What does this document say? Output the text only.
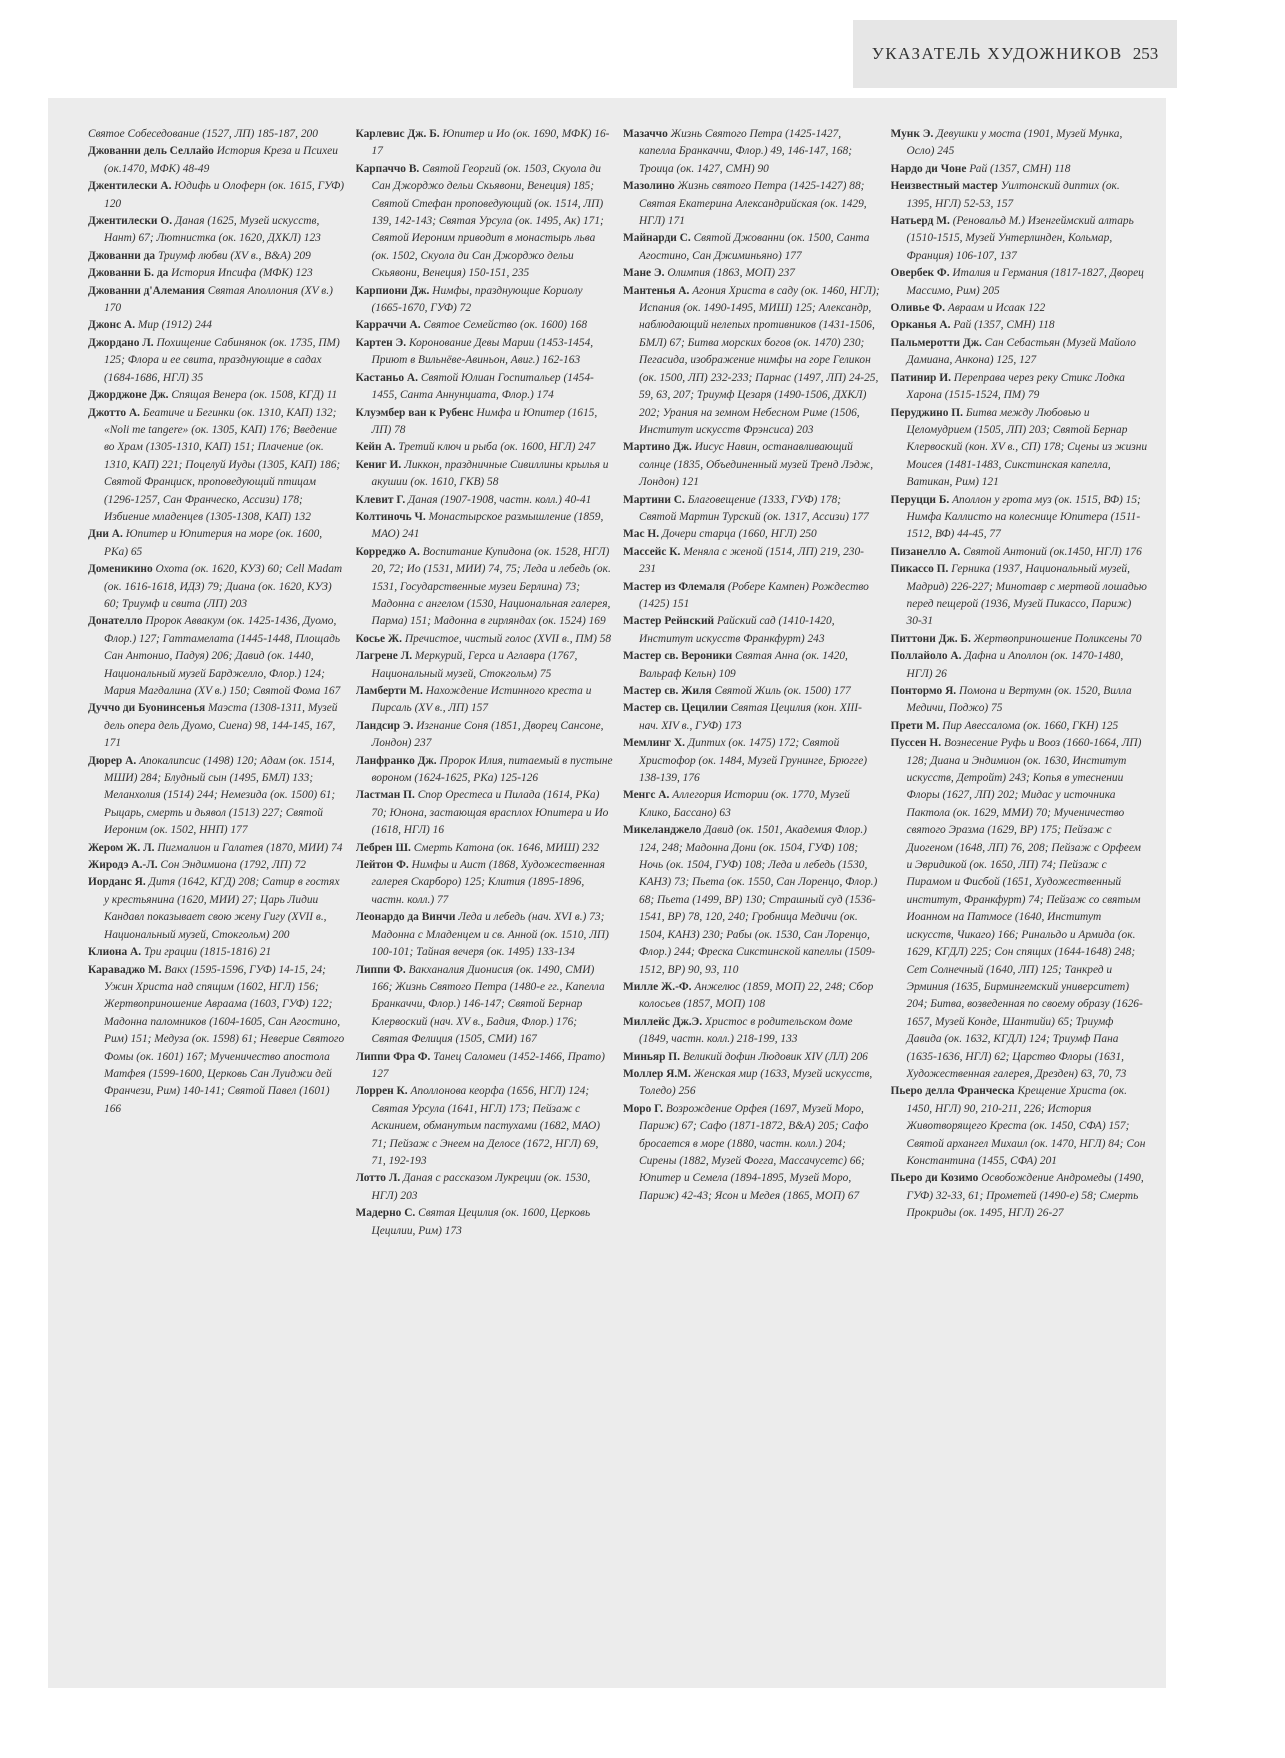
УКАЗАТЕЛЬ ХУДОЖНИКОВ 253

Святое Собеседование (1527, ЛП) 185-187, 200

Джованни дель Селлайо История Креза и Психеи (ок.1470, МФК) 48-49

Джентилески А. Юдифь и Олоферн (ок. 1615, ГУФ) 120

Джентилески О. Даная (1625, Музей искусств, Нант) 67; Лютнистка (ок. 1620, ДХКЛ) 123

Джованни да Триумф любви (XV в., B&A) 209

Джованни Б. да История Ипсифа (МФК) 123

Джованни д'Алемания Святая Аполлония (XV в.) 170

Джонс А. Мир (1912) 244

Джордано Л. Похищение Сабинянок (ок. 1735, ПМ) 125; Флора и ее свита, празднующие в садах (1684-1686, НГЛ) 35

Джорджоне Дж. Спящая Венера (ок. 1508, КГД) 11

Джотто А. Беатиче и Бегинки (ок. 1310, КАП) 132; «Noli me tangere» (ок. 1305, КАП) 176; Введение во Храм (1305-1310, КАП) 151; Плачение (ок. 1310, КАП) 221; Поцелуй Иуды (1305, КАП) 186; Святой Франциск, проповедующий птицам (1296-1257, Сан Франческо, Ассизи) 178; Избиение младенцев (1305-1308, КАП) 132

Дни А. Юпитер и Юпитерия на море (ок. 1600, РКа) 65

Доменикино Охота (ок. 1620, КУЗ) 60; Cell Madam (ок. 1616-1618, ИДЗ) 79; Диана (ок. 1620, КУЗ) 60; Триумф и свита (ЛП) 203

Донателло Пророк Аввакум (ок. 1425-1436, Дуомо, Флор.) 127; Гаттамелата (1445-1448, Площадь Сан Антонио, Падуя) 206; Давид (ок. 1440, Национальный музей Барджелло, Флор.) 124; Мария Магдалина (XV в.) 150; Святой Фома 167

Дуччо ди Буонинсенья Маэста (1308-1311, Музей дель опера дель Дуомо, Сиена) 98, 144-145, 167, 171

Дюрер А. Апокалипсис (1498) 120; Адам (ок. 1514, МШИ) 284; Блудный сын (1495, БМЛ) 133; Меланхолия (1514) 244; Немезида (ок. 1500) 61; Рыцарь, смерть и дьявол (1513) 227; Святой Иероним (ок. 1502, ННП) 177

Жером Ж. Л. Пигмалион и Галатея (1870, МИИ) 74

Жиродэ А.-Л. Сон Эндимиона (1792, ЛП) 72

Иорданс Я. Дитя (1642, КГД) 208; Сатир в гостях у крестьянина (1620, МИИ) 27; Царь Лидии Кандавл показывает свою жену Гигу (XVII в., Национальный музей, Стокгольм) 200

Клиона А. Три грации (1815-1816) 21

Караваджо М. Вакх (1595-1596, ГУФ) 14-15, 24; Ужин Христа над спящим (1602, НГЛ) 156; Жертвоприношение Авраама (1603, ГУФ) 122; Мадонна паломников (1604-1605, Сан Агостино, Рим) 151; Медуза (ок. 1598) 61; Неверие Святого Фомы (ок. 1601) 167; Мученичество апостола Матфея (1599-1600, Церковь Сан Луиджи дей Франчези, Рим) 140-141; Святой Павел (1601) 166

Карлевис Дж. Б. Юпитер и Ио (ок. 1690, МФК) 16-17

Карпаччо В. Святой Георгий (ок. 1503, Скуола ди Сан Джорджо дельи Скьявони, Венеция) 185; Святой Стефан проповедующий (ок. 1514, ЛП) 139, 142-143; Святая Урсула (ок. 1495, Ак) 171; Святой Иероним приводит в монастырь льва (ок. 1502, Скуола ди Сан Джорджо дельи Скьявони, Венеция) 150-151, 235

Карпиони Дж. Нимфы, празднующие Кориолу (1665-1670, ГУФ) 72

Карраччи А. Святое Семейство (ок. 1600) 168

Картен Э. Коронование Девы Марии (1453-1454, Приют в Вильнёве-Авиньон, Авиг.) 162-163

Кастаньо А. Святой Юлиан Госпитальер (1454-1455, Санта Аннунциата, Флор.) 174

Клуэмбер ван к Рубенс Нимфа и Юпитер (1615, ЛП) 78

Кейн А. Третий ключ и рыба (ок. 1600, НГЛ) 247

Кениг И. Ликкон, праздничные Сивиллины крылья и акушии (ок. 1610, ГКВ) 58

Клевит Г. Даная (1907-1908, частн. колл.) 40-41

Колтиночь Ч. Монастырское размышление (1859, МАО) 241

Корреджо А. Воспитание Купидона (ок. 1528, НГЛ) 20, 72; Ио (1531, МИИ) 74, 75; Леда и лебедь (ок. 1531, Государственные музеи Берлина) 73; Мадонна с ангелом (1530, Национальная галерея, Парма) 151; Мадонна в гирляндах (ок. 1524) 169

Косье Ж. Пречистое, чистый голос (XVII в., ПМ) 58

Лагрене Л. Меркурий, Герса и Аглавра (1767, Национальный музей, Стокгольм) 75

Ламберти М. Нахождение Истинного креста и Пирсаль (XV в., ЛП) 157

Ландсир Э. Изгнание Соня (1851, Дворец Сансоне, Лондон) 237

Ланфранко Дж. Пророк Илия, питаемый в пустыне вороном (1624-1625, РКа) 125-126

Ластман П. Спор Орестеса и Пилада (1614, РКа) 70; Юнона, застающая врасплох Юпитера и Ио (1618, НГЛ) 16

Лебрен Ш. Смерть Катона (ок. 1646, МИШ) 232

Лейтон Ф. Нимфы и Аист (1868, Художественная галерея Скарборо) 125; Клития (1895-1896, частн. колл.) 77

Леонардо да Винчи Леда и лебедь (нач. XVI в.) 73; Мадонна с Младенцем и св. Анной (ок. 1510, ЛП) 100-101; Тайная вечеря (ок. 1495) 133-134

Липпи Ф. Вакханалия Дионисия (ок. 1490, СМИ) 166; Жизнь Святого Петра (1480-е гг., Капелла Бранкаччи, Флор.) 146-147; Святой Бернар Клервоский (нач. XV в., Бадия, Флор.) 176; Святая Фелиция (1505, СМИ) 167

Липпи Фра Ф. Танец Саломеи (1452-1466, Прато) 127

Лоррен К. Аполлонова кеорфа (1656, НГЛ) 124; Святая Урсула (1641, НГЛ) 173; Пейзаж с Аскинием, обманутым пастухами (1682, МАО) 71; Пейзаж с Энеем на Делосе (1672, НГЛ) 69, 71, 192-193

Лотто Л. Даная с рассказом Лукреции (ок. 1530, НГЛ) 203

Мадерно С. Святая Цецилия (ок. 1600, Церковь Цецилии, Рим) 173

Мазаччо Жизнь Святого Петра (1425-1427, капелла Бранкаччи, Флор.) 49, 146-147, 168; Троица (ок. 1427, СМН) 90

Мазолино Жизнь святого Петра (1425-1427) 88; Святая Екатерина Александрийская (ок. 1429, НГЛ) 171

Майнарди С. Святой Джованни (ок. 1500, Санта Агостино, Сан Джиминьяно) 177

Мане Э. Олимпия (1863, МОП) 237

Мантенья А. Агония Христа в саду (ок. 1460, НГЛ); Испания (ок. 1490-1495, МИШ) 125; Александр, наблюдающий нелепых противников (1431-1506, БМЛ) 67; Битва морских богов (ок. 1470) 230; Пегасида, изображение нимфы на горе Геликон (ок. 1500, ЛП) 232-233; Парнас (1497, ЛП) 24-25, 59, 63, 207; Триумф Цезаря (1490-1506, ДХКЛ) 202; Урания на земном Небесном Риме (1506, Институт искусств Фрэнсиса) 203

Мартино Дж. Иисус Навин, останавливающий солнце (1835, Объединенный музей Тренд Лэдж, Лондон) 121

Мартини С. Благовещение (1333, ГУФ) 178; Святой Мартин Турский (ок. 1317, Ассизи) 177

Мас Н. Дочери старца (1660, НГЛ) 250

Массейс К. Меняла с женой (1514, ЛП) 219, 230-231

Мастер из Флемаля (Робере Кампен) Рождество (1425) 151

Мастер Рейнский Райский сад (1410-1420, Институт искусств Франкфурт) 243

Мастер св. Вероники Святая Анна (ок. 1420, Вальраф Кельн) 109

Мастер св. Жиля Святой Жиль (ок. 1500) 177

Мастер св. Цецилии Святая Цецилия (кон. XIII-нач. XIV в., ГУФ) 173

Мемлинг Х. Диптих (ок. 1475) 172; Святой Христофор (ок. 1484, Музей Грунинге, Брюгге) 138-139, 176

Менгс А. Аллегория Истории (ок. 1770, Музей Клико, Бассано) 63

Микеланджело Давид (ок. 1501, Академия Флор.) 124, 248; Мадонна Дони (ок. 1504, ГУФ) 108; Ночь (ок. 1504, ГУФ) 108; Леда и лебедь (1530, КАНЗ) 73; Пьета (ок. 1550, Сан Лоренцо, Флор.) 68; Пьета (1499, ВР) 130; Страшный суд (1536-1541, ВР) 78, 120, 240; Гробница Медичи (ок. 1504, КАНЗ) 230; Рабы (ок. 1530, Сан Лоренцо, Флор.) 244; Фреска Сикстинской капеллы (1509-1512, ВР) 90, 93, 110

Милле Ж.-Ф. Анжелюс (1859, МОП) 22, 248; Сбор колосьев (1857, МОП) 108

Миллейс Дж.Э. Христос в родительском доме (1849, частн. колл.) 218-199, 133

Миньяр П. Великий дофин Людовик XIV (ЛЛ) 206

Моллер Я.М. Женская мир (1633, Музей искусств, Толедо) 256

Моро Г. Возрождение Орфея (1697, Музей Моро, Париж) 67; Сафо (1871-1872, B&A) 205; Сафо бросается в море (1880, частн. колл.) 204; Сирены (1882, Музей Фогга, Массачусетс) 66; Юпитер и Семела (1894-1895, Музей Моро, Париж) 42-43; Ясон и Медея (1865, МОП) 67

Мунк Э. Девушки у моста (1901, Музей Мунка, Осло) 245

Нардо ди Чоне Рай (1357, СМН) 118

Неизвестный мастер Уилтонский диптих (ок. 1395, НГЛ) 52-53, 157

Натьерд М. (Реновальд М.) Изенгеймский алтарь (1510-1515, Музей Унтерлинден, Кольмар, Франция) 106-107, 137

Овербек Ф. Италия и Германия (1817-1827, Дворец Массимо, Рим) 205

Оливье Ф. Авраам и Исаак 122

Орканья А. Рай (1357, СМН) 118

Пальмеротти Дж. Сан Себастьян (Музей Майоло Дамиана, Анкона) 125, 127

Патинир И. Переправа через реку Стикс Лодка Харона (1515-1524, ПМ) 79

Перуджино П. Битва между Любовью и Целомудрием (1505, ЛП) 203; Святой Бернар Клервоский (кон. XV в., СП) 178; Сцены из жизни Моисея (1481-1483, Сикстинская капелла, Ватикан, Рим) 121

Перуцци Б. Аполлон у грота муз (ок. 1515, ВФ) 15; Нимфа Каллисто на колеснице Юпитера (1511-1512, ВФ) 44-45, 77

Пизанелло А. Святой Антоний (ок.1450, НГЛ) 176

Пикассо П. Герника (1937, Национальный музей, Мадрид) 226-227; Минотавр с мертвой лошадью перед пещерой (1936, Музей Пикассо, Париж) 30-31

Питтони Дж. Б. Жертвоприношение Поликсены 70

Поллайоло А. Дафна и Аполлон (ок. 1470-1480, НГЛ) 26

Понтормо Я. Помона и Вертумн (ок. 1520, Вилла Медичи, Поджо) 75

Прети М. Пир Авессалома (ок. 1660, ГКН) 125

Пуссен Н. Вознесение Руфь и Вооз (1660-1664, ЛП) 128; Диана и Эндимион (ок. 1630, Институт искусств, Детройт) 243; Копья в утеснении Флоры (1627, ЛП) 202; Мидас у источника Пактола (ок. 1629, ММИ) 70; Мученичество святого Эразма (1629, ВР) 175; Пейзаж с Диогеном (1648, ЛП) 76, 208; Пейзаж с Орфеем и Эвридикой (ок. 1650, ЛП) 74; Пейзаж с Пирамом и Фисбой (1651, Художественный институт, Франкфурт) 74; Пейзаж со святым Иоанном на Патмосе (1640, Институт искусств, Чикаго) 166; Ринальдо и Армида (ок. 1629, КГДЛ) 225; Сон спящих (1644-1648) 248; Сет Солнечный (1640, ЛП) 125; Танкред и Эрминия (1635, Бирмингемский университет) 204; Битва, возведенная по своему образу (1626-1657, Музей Конде, Шантийи) 65; Триумф Давида (ок. 1632, КГДЛ) 124; Триумф Пана (1635-1636, НГЛ) 62; Царство Флоры (1631, Художественная галерея, Дрезден) 63, 70, 73

Пьеро делла Франческа Крещение Христа (ок. 1450, НГЛ) 90, 210-211, 226; История Животворящего Креста (ок. 1450, СФА) 157; Святой архангел Михаил (ок. 1470, НГЛ) 84; Сон Константина (1455, СФА) 201

Пьеро ди Козимо Освобождение Андромеды (1490, ГУФ) 32-33, 61; Прометей (1490-е) 58; Смерть Прокриды (ок. 1495, НГЛ) 26-27
